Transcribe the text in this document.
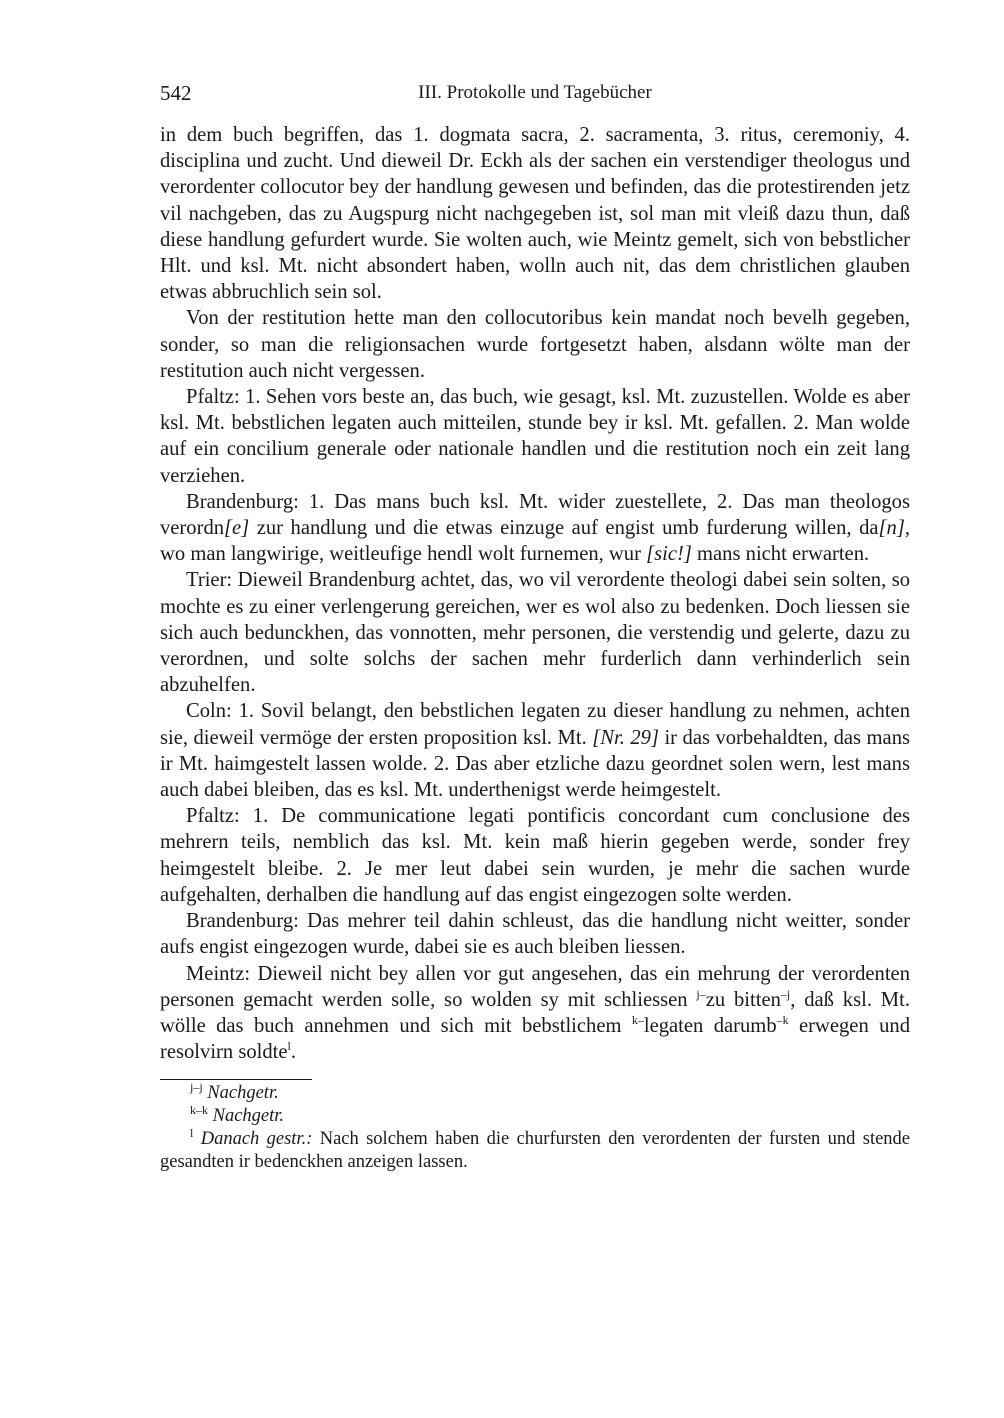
542	III. Protokolle und Tagebücher

in dem buch begriffen, das 1. dogmata sacra, 2. sacramenta, 3. ritus, ceremoniy, 4. disciplina und zucht. Und dieweil Dr. Eckh als der sachen ein verstendiger theologus und verordenter collocutor bey der handlung gewesen und befinden, das die protestirenden jetz vil nachgeben, das zu Augspurg nicht nachgegeben ist, sol man mit vleiß dazu thun, daß diese handlung gefurdert wurde. Sie wolten auch, wie Meintz gemelt, sich von bebstlicher Hlt. und ksl. Mt. nicht absondert haben, wolln auch nit, das dem christlichen glauben etwas abbruchlich sein sol.

Von der restitution hette man den collocutoribus kein mandat noch bevelh gegeben, sonder, so man die religionsachen wurde fortgesetzt haben, alsdann wölte man der restitution auch nicht vergessen.

Pfaltz: 1. Sehen vors beste an, das buch, wie gesagt, ksl. Mt. zuzustellen. Wolde es aber ksl. Mt. bebstlichen legaten auch mitteilen, stunde bey ir ksl. Mt. gefallen. 2. Man wolde auf ein concilium generale oder nationale handlen und die restitution noch ein zeit lang verziehen.

Brandenburg: 1. Das mans buch ksl. Mt. wider zuestellete, 2. Das man theologos verordn[e] zur handlung und die etwas einzuge auf engist umb furderung willen, da[n], wo man langwirige, weitleufige hendl wolt furnemen, wur [sic!] mans nicht erwarten.

Trier: Dieweil Brandenburg achtet, das, wo vil verordente theologi dabei sein solten, so mochte es zu einer verlengerung gereichen, wer es wol also zu bedenken. Doch liessen sie sich auch bedunckhen, das vonnotten, mehr personen, die verstendig und gelerte, dazu zu verordnen, und solte solchs der sachen mehr furderlich dann verhinderlich sein abzuhelfen.

Coln: 1. Sovil belangt, den bebstlichen legaten zu dieser handlung zu nehmen, achten sie, dieweil vermöge der ersten proposition ksl. Mt. [Nr. 29] ir das vorbehaldten, das mans ir Mt. haimgestelt lassen wolde. 2. Das aber etzliche dazu geordnet solen wern, lest mans auch dabei bleiben, das es ksl. Mt. underthenigst werde heimgestelt.

Pfaltz: 1. De communicatione legati pontificis concordant cum conclusione des mehrern teils, nemblich das ksl. Mt. kein maß hierin gegeben werde, sonder frey heimgestelt bleibe. 2. Je mer leut dabei sein wurden, je mehr die sachen wurde aufgehalten, derhalben die handlung auf das engist eingezogen solte werden.

Brandenburg: Das mehrer teil dahin schleust, das die handlung nicht weitter, sonder aufs engist eingezogen wurde, dabei sie es auch bleiben liessen.

Meintz: Dieweil nicht bey allen vor gut angesehen, das ein mehrung der verordenten personen gemacht werden solle, so wolden sy mit schliessen $^{j-}$zu bitten$^{-j}$, daß ksl. Mt. wölle das buch annehmen und sich mit bebstlichem $^{k-}$legaten darumb$^{-k}$ erwegen und resolvirn soldte$^l$.

$^{j-j}$ Nachgetr.

$^{k-k}$ Nachgetr.

$^l$ Danach gestr.: Nach solchem haben die churfursten den verordenten der fursten und stende gesandten ir bedenckhen anzeigen lassen.
